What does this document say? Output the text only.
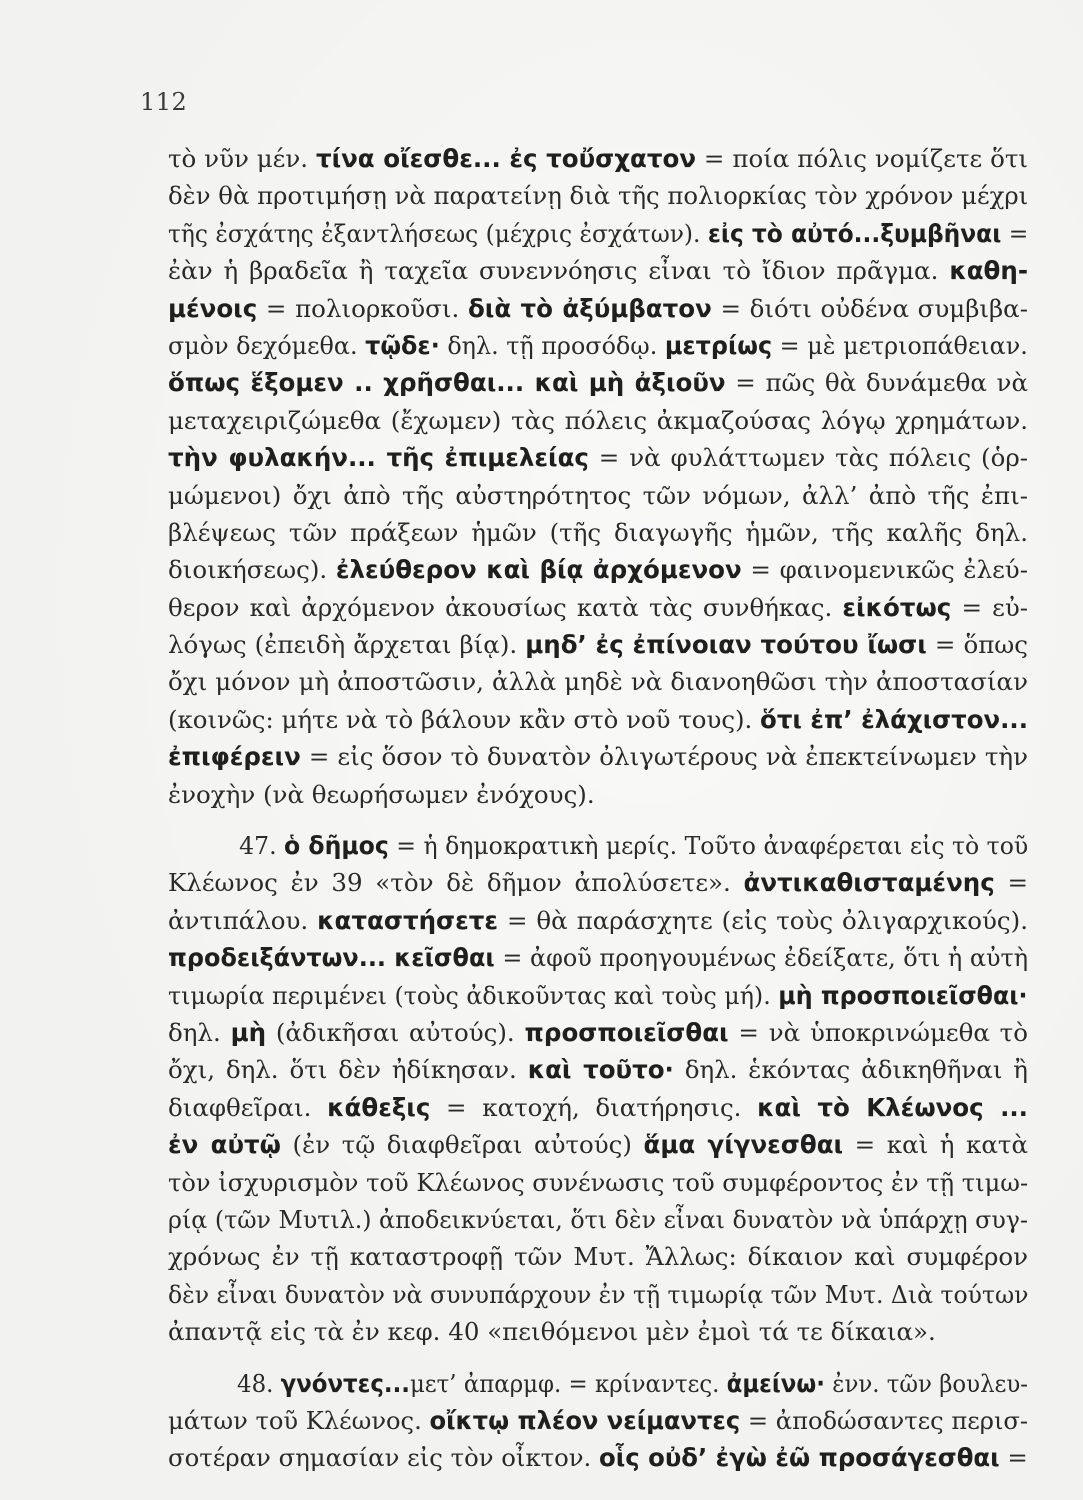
112
τὸ νῦν μέν. τίνα οἴεσθε... ἐς τοὔσχατον = ποία πόλις νομίζετε ὅτι
δὲν θὰ προτιμήσῃ νὰ παρατείνῃ διὰ τῆς πολιορκίας τὸν χρόνον μέχρι
τῆς ἐσχάτης ἐξαντλήσεως (μέχρις ἐσχάτων). εἰς τὸ αὐτό...ξυμβῆναι =
ἐὰν ἡ βραδεῖα ἢ ταχεῖα συνεννόησις εἶναι τὸ ἴδιον πρᾶγμα. καθη-
μένοις = πολιορκοῦσι. διὰ τὸ ἀξύμβατον = διότι οὐδένα συμβιβα-
σμὸν δεχόμεθα. τῷδε· δηλ. τῇ προσόδῳ. μετρίως = μὲ μετριοπάθειαν.
ὅπως ἕξομεν .. χρῆσθαι... καὶ μὴ ἀξιοῦν = πῶς θὰ δυνάμεθα νὰ
μεταχειριζώμεθα (ἔχωμεν) τὰς πόλεις ἀκμαζούσας λόγῳ χρημάτων.
τὴν φυλακήν... τῆς ἐπιμελείας = νὰ φυλάττωμεν τὰς πόλεις (ὁρ-
μώμενοι) ὄχι ἀπὸ τῆς αὐστηρότητος τῶν νόμων, ἀλλ’ ἀπὸ τῆς ἐπι-
βλέψεως τῶν πράξεων ἡμῶν (τῆς διαγωγῆς ἡμῶν, τῆς καλῆς δηλ.
διοικήσεως). ἐλεύθερον καὶ βίᾳ ἀρχόμενον = φαινομενικῶς ἐλεύ-
θερον καὶ ἀρχόμενον ἀκουσίως κατὰ τὰς συνθήκας. εἰκότως = εὐ-
λόγως (ἐπειδὴ ἄρχεται βίᾳ). μηδ’ ἐς ἐπίνοιαν τούτου ἴωσι = ὅπως
ὄχι μόνον μὴ ἀποστῶσιν, ἀλλὰ μηδὲ νὰ διανοηθῶσι τὴν ἀποστασίαν
(κοινῶς: μήτε νὰ τὸ βάλουν κἂν στὸ νοῦ τους). ὅτι ἐπ’ ἐλάχιστον...
ἐπιφέρειν = εἰς ὅσον τὸ δυνατὸν ὀλιγωτέρους νὰ ἐπεκτείνωμεν τὴν
ἐνοχὴν (νὰ θεωρήσωμεν ἐνόχους).
47. ὁ δῆμος = ἡ δημοκρατικὴ μερίς. Τοῦτο ἀναφέρεται εἰς τὸ τοῦ
Κλέωνος ἐν 39 «τὸν δὲ δῆμον ἀπολύσετε». ἀντικαθισταμένης =
ἀντιπάλου. καταστήσετε = θὰ παράσχητε (εἰς τοὺς ὀλιγαρχικούς).
προδειξάντων... κεῖσθαι = ἀφοῦ προηγουμένως ἐδείξατε, ὅτι ἡ αὐτὴ
τιμωρία περιμένει (τοὺς ἀδικοῦντας καὶ τοὺς μή). μὴ προσποιεῖσθαι·
δηλ. μὴ (ἀδικῆσαι αὐτούς). προσποιεῖσθαι = νὰ ὑποκρινώμεθα τὸ
ὄχι, δηλ. ὅτι δὲν ἠδίκησαν. καὶ τοῦτο· δηλ. ἑκόντας ἀδικηθῆναι ἢ
διαφθεῖραι. κάθεξις = κατοχή, διατήρησις. καὶ τὸ Κλέωνος ...
ἐν αὐτῷ (ἐν τῷ διαφθεῖραι αὐτούς) ἅμα γίγνεσθαι = καὶ ἡ κατὰ
τὸν ἰσχυρισμὸν τοῦ Κλέωνος συνένωσις τοῦ συμφέροντος ἐν τῇ τιμω-
ρίᾳ (τῶν Μυτιλ.) ἀποδεικνύεται, ὅτι δὲν εἶναι δυνατὸν νὰ ὑπάρχῃ συγ-
χρόνως ἐν τῇ καταστροφῇ τῶν Μυτ. Ἄλλως: δίκαιον καὶ συμφέρον
δὲν εἶναι δυνατὸν νὰ συνυπάρχουν ἐν τῇ τιμωρίᾳ τῶν Μυτ. Διὰ τούτων
ἀπαντᾷ εἰς τὰ ἐν κεφ. 40 «πειθόμενοι μὲν ἐμοὶ τά τε δίκαια».
48. γνόντες...μετ’ ἀπαρμφ. = κρίναντες. ἀμείνω· ἐνν. τῶν βουλευ-
μάτων τοῦ Κλέωνος. οἴκτῳ πλέον νείμαντες = ἀποδώσαντες περισ-
σοτέραν σημασίαν εἰς τὸν οἶκτον. οἷς οὐδ’ ἐγὼ ἐῶ προσάγεσθαι =
